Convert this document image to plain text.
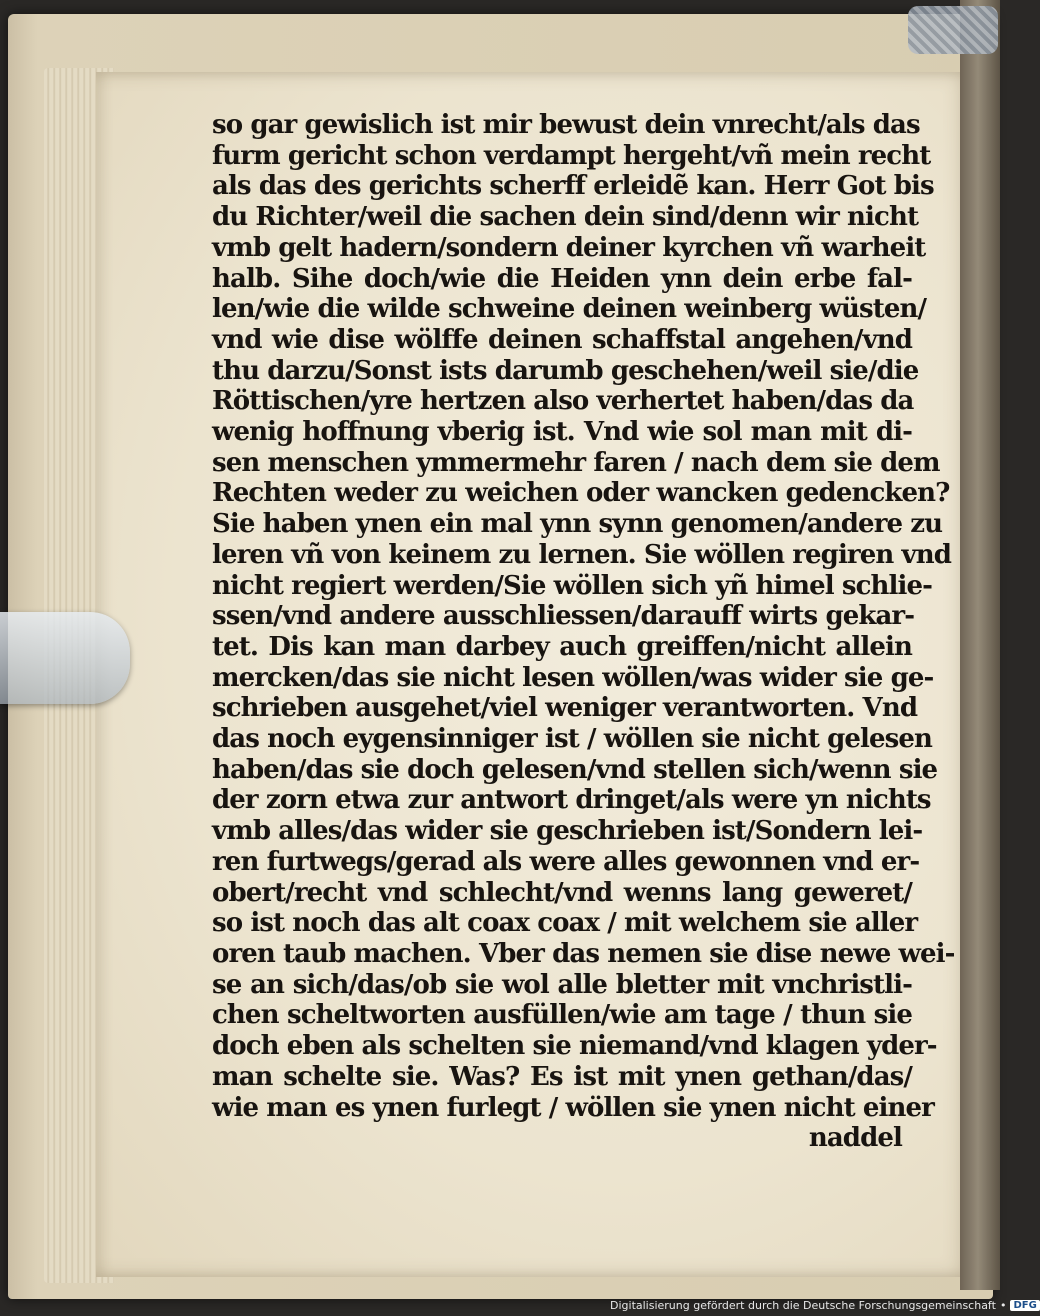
so gar gewislich ist mir bewust dein vnrecht/als das
furm gericht schon verdampt hergeht/vñ mein recht
als das des gerichts scherff erleidẽ kan. Herr Got bis
du Richter/weil die sachen dein sind/denn wir nicht
vmb gelt hadern/sondern deiner kyrchen vñ warheit
halb. Sihe doch/wie die Heiden ynn dein erbe fal-
len/wie die wilde schweine deinen weinberg wüsten/
vnd wie dise wölffe deinen schaffstal angehen/vnd
thu darzu/Sonst ists darumb geschehen/weil sie/die
Röttischen/yre hertzen also verhertet haben/das da
wenig hoffnung vberig ist. Vnd wie sol man mit di-
sen menschen ymmermehr faren / nach dem sie dem
Rechten weder zu weichen oder wancken gedencken?
Sie haben ynen ein mal ynn synn genomen/andere zu
leren vñ von keinem zu lernen. Sie wöllen regiren vnd
nicht regiert werden/Sie wöllen sich yñ himel schlie-
ssen/vnd andere ausschliessen/darauff wirts gekar-
tet. Dis kan man darbey auch greiffen/nicht allein
mercken/das sie nicht lesen wöllen/was wider sie ge-
schrieben ausgehet/viel weniger verantworten. Vnd
das noch eygensinniger ist / wöllen sie nicht gelesen
haben/das sie doch gelesen/vnd stellen sich/wenn sie
der zorn etwa zur antwort dringet/als were yn nichts
vmb alles/das wider sie geschrieben ist/Sondern lei-
ren furtwegs/gerad als were alles gewonnen vnd er-
obert/recht vnd schlecht/vnd wenns lang geweret/
so ist noch das alt coax coax / mit welchem sie aller
oren taub machen. Vber das nemen sie dise newe wei-
se an sich/das/ob sie wol alle bletter mit vnchristli-
chen scheltworten ausfüllen/wie am tage / thun sie
doch eben als schelten sie niemand/vnd klagen yder-
man schelte sie. Was? Es ist mit ynen gethan/das/
wie man es ynen furlegt / wöllen sie ynen nicht einer
naddel
Digitalisierung gefördert durch die Deutsche Forschungsgemeinschaft • DFG
